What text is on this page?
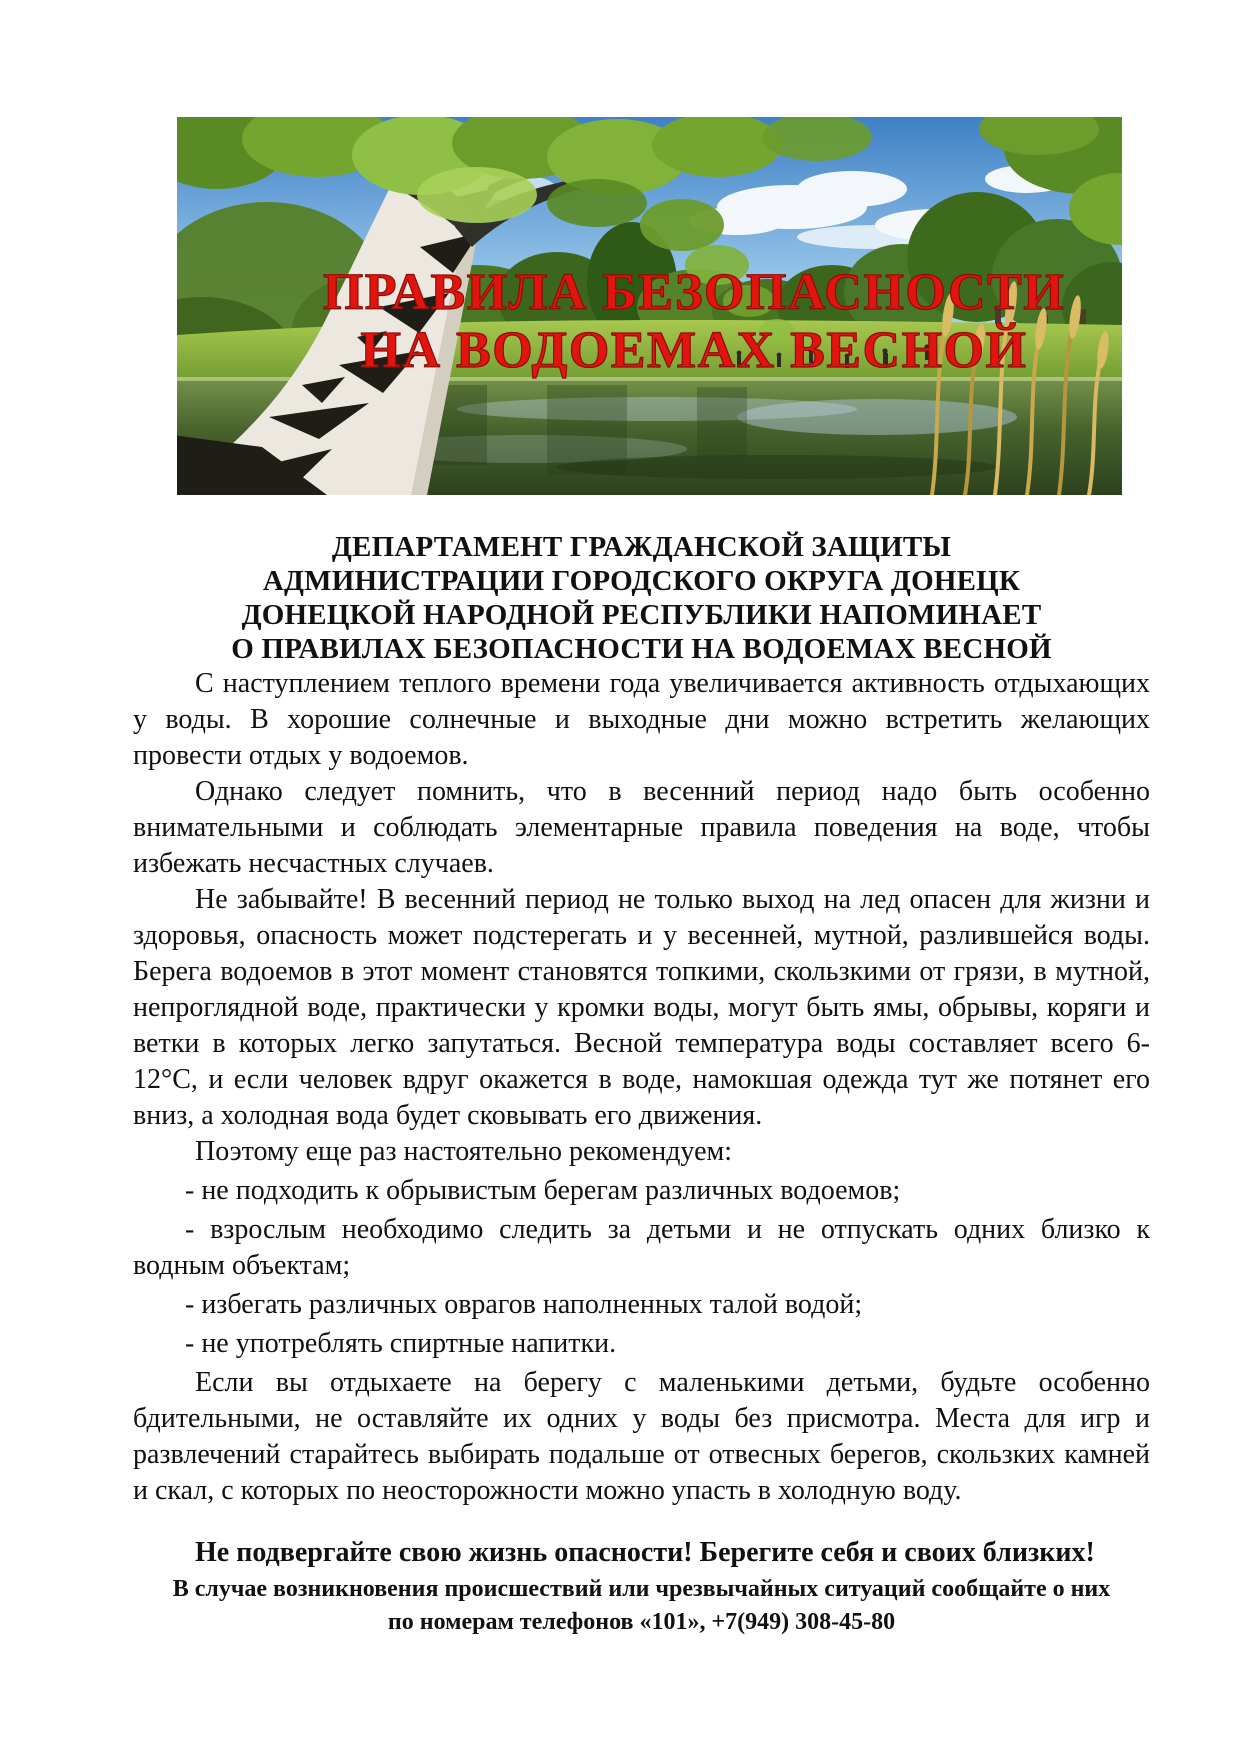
ПРАВИЛА БЕЗОПАСНОСТИ
НА ВОДОЕМАХ ВЕСНОЙ
ДЕПАРТАМЕНТ ГРАЖДАНСКОЙ ЗАЩИТЫ
АДМИНИСТРАЦИИ ГОРОДСКОГО ОКРУГА ДОНЕЦК
ДОНЕЦКОЙ НАРОДНОЙ РЕСПУБЛИКИ НАПОМИНАЕТ
О ПРАВИЛАХ БЕЗОПАСНОСТИ НА ВОДОЕМАХ ВЕСНОЙ

С наступлением теплого времени года увеличивается активность отдыхающих у воды. В хорошие солнечные и выходные дни можно встретить желающих провести отдых у водоемов.

Однако следует помнить, что в весенний период надо быть особенно внимательными и соблюдать элементарные правила поведения на воде, чтобы избежать несчастных случаев.

Не забывайте! В весенний период не только выход на лед опасен для жизни и здоровья, опасность может подстерегать и у весенней, мутной, разлившейся воды. Берега водоемов в этот момент становятся топкими, скользкими от грязи, в мутной, непроглядной воде, практически у кромки воды, могут быть ямы, обрывы, коряги и ветки в которых легко запутаться. Весной температура воды составляет всего 6-12°С, и если человек вдруг окажется в воде, намокшая одежда тут же потянет его вниз, а холодная вода будет сковывать его движения.

Поэтому еще раз настоятельно рекомендуем:

- не подходить к обрывистым берегам различных водоемов;

- взрослым необходимо следить за детьми и не отпускать одних близко к водным объектам;

- избегать различных оврагов наполненных талой водой;

- не употреблять спиртные напитки.

Если вы отдыхаете на берегу с маленькими детьми, будьте особенно бдительными, не оставляйте их одних у воды без присмотра. Места для игр и развлечений старайтесь выбирать подальше от отвесных берегов, скользких камней и скал, с которых по неосторожности можно упасть в холодную воду.

Не подвергайте свою жизнь опасности! Берегите себя и своих близких!

В случае возникновения происшествий или чрезвычайных ситуаций сообщайте о них

по номерам телефонов «101», +7(949) 308-45-80
